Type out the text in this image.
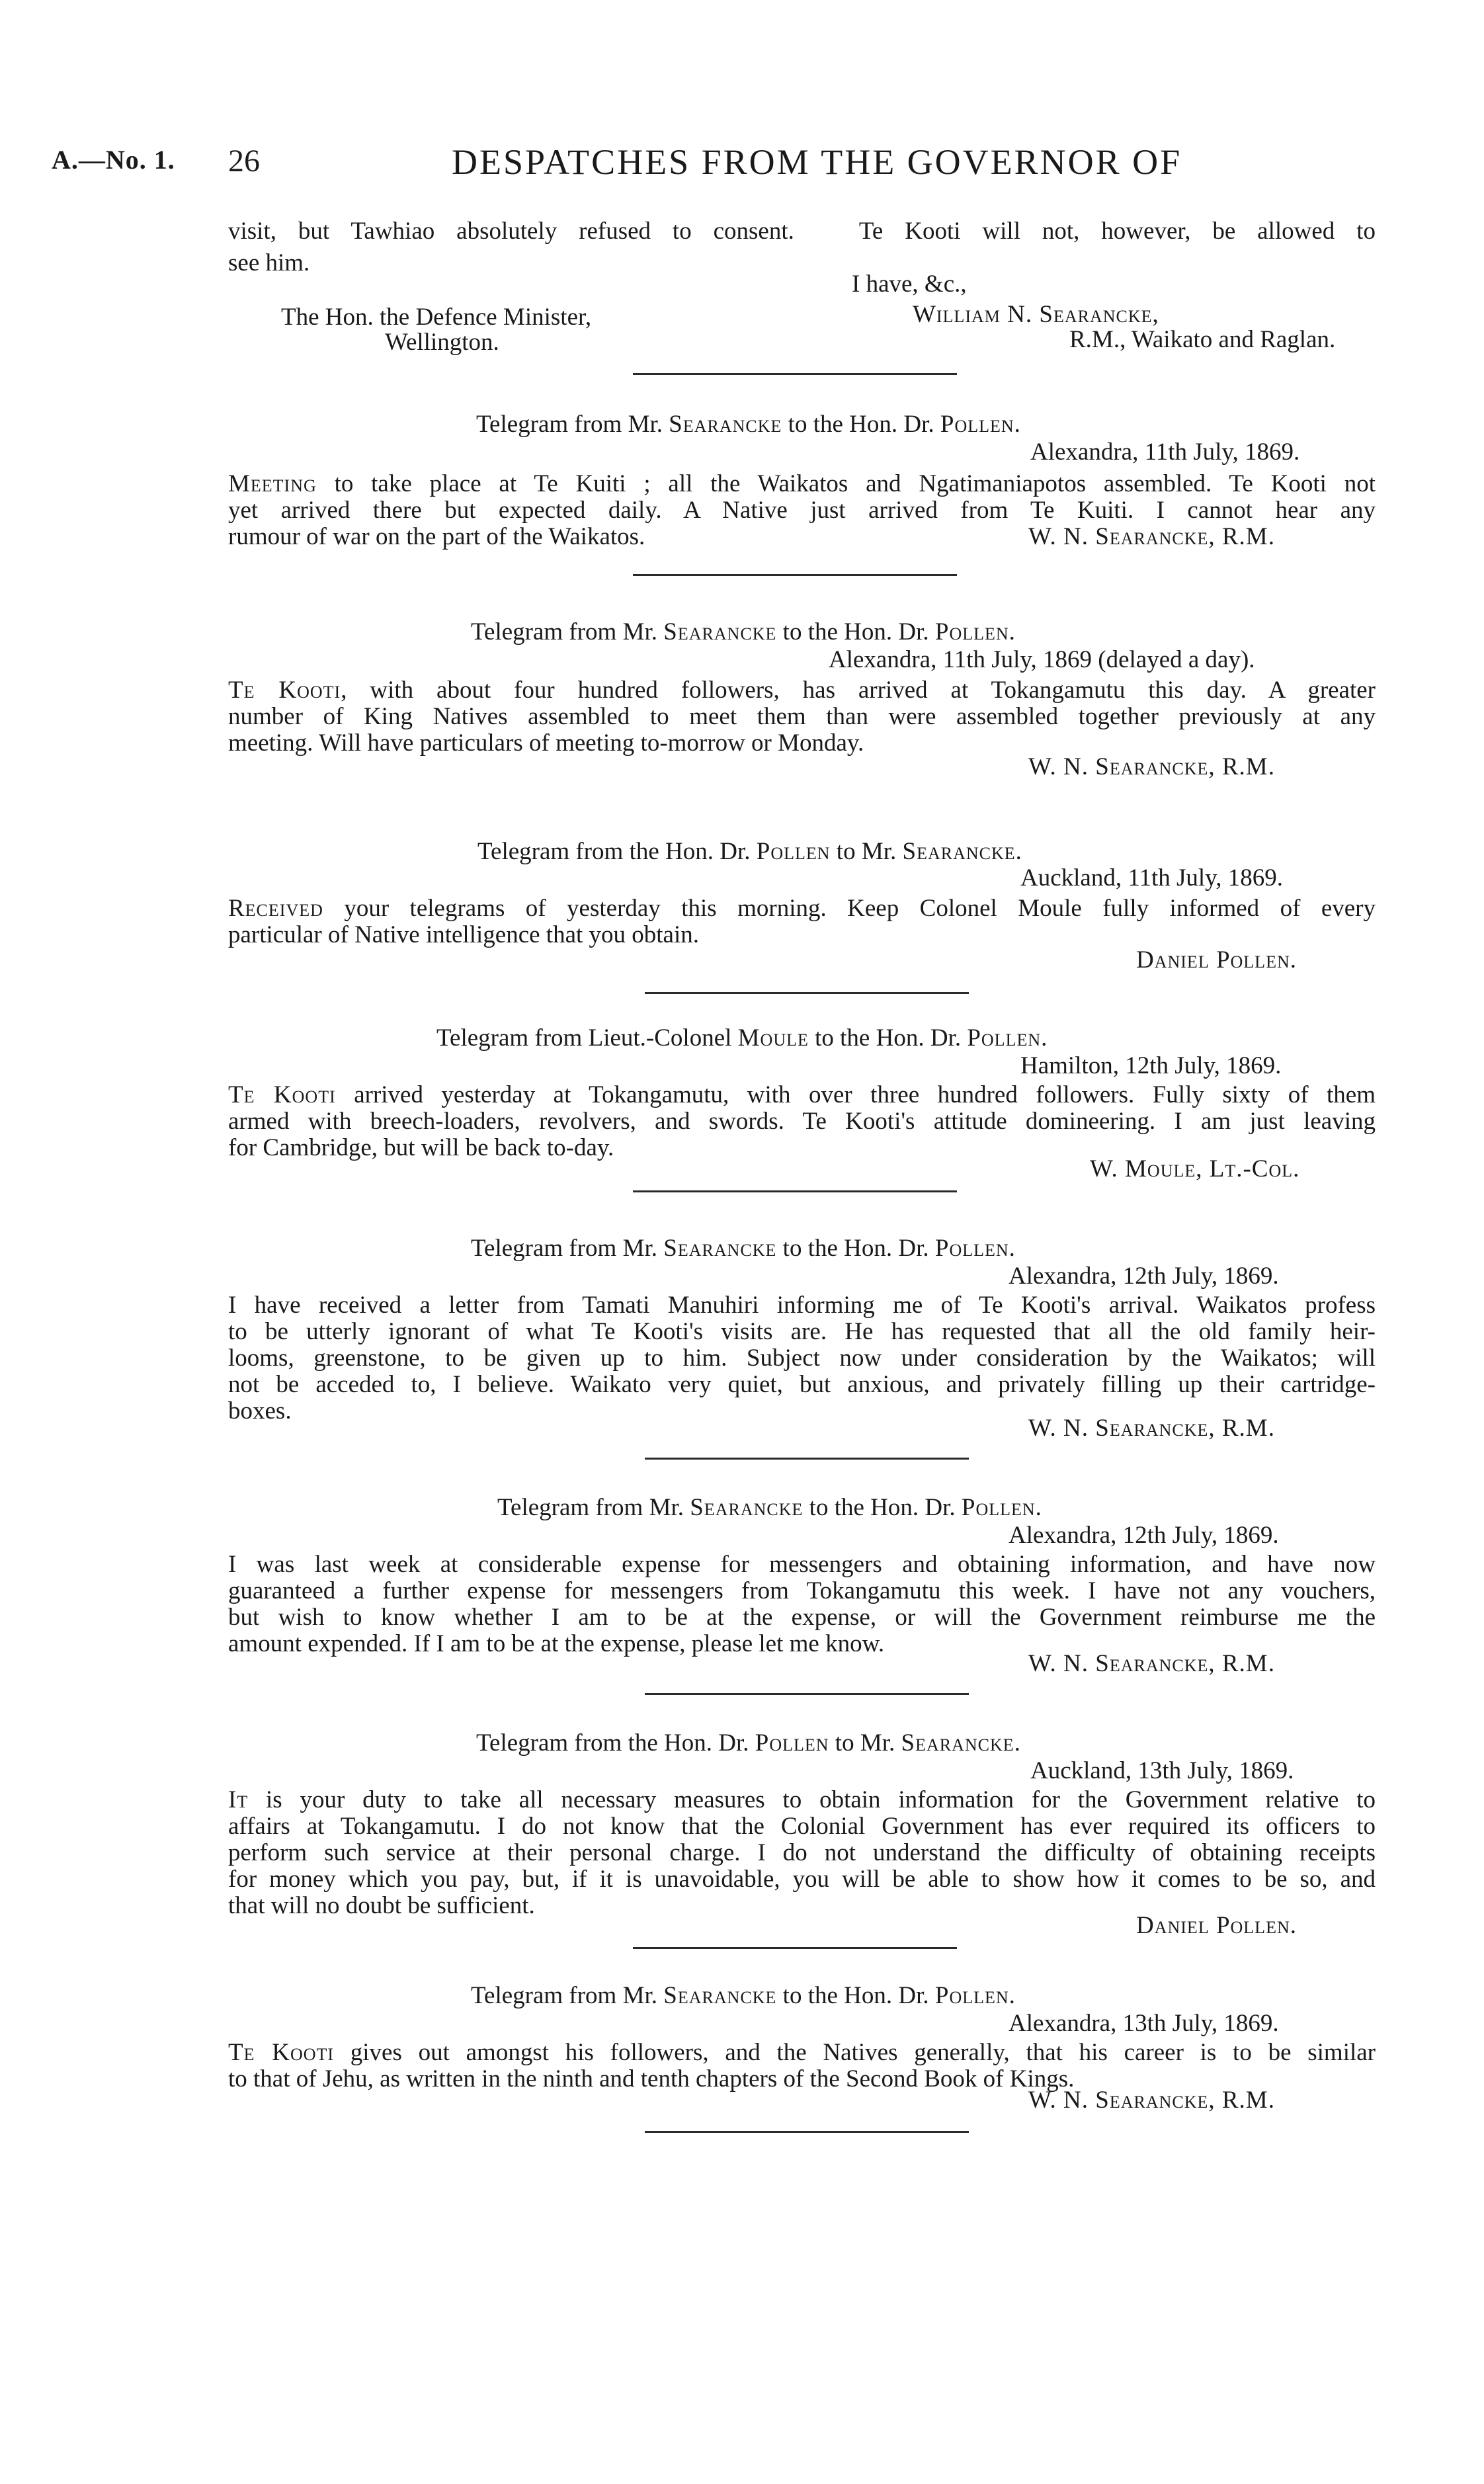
A.—No. 1. 26	DESPATCHES FROM THE GOVERNOR OF
visit, but Tawhiao absolutely refused to consent.	Te Kooti will not, however, be allowed to
see him.
I have, &c.,
The Hon. the Defence Minister,
Wellington.
William N. Searancke,
R.M., Waikato and Raglan.
Telegram from Mr. Searancke to the Hon. Dr. Pollen.
Alexandra, 11th July, 1869.
Meeting to take place at Te Kuiti ; all the Waikatos and Ngatimaniapotos assembled. Te Kooti not
yet arrived there but expected daily. A Native just arrived from Te Kuiti. I cannot hear any
rumour of war on the part of the Waikatos.	W. N. Searancke, R.M.
Telegram from Mr. Searancke to the Hon. Dr. Pollen.
Alexandra, 11th July, 1869 (delayed a day).
Te Kooti, with about four hundred followers, has arrived at Tokangamutu this day. A greater
number of King Natives assembled to meet them than were assembled together previously at any
meeting. Will have particulars of meeting to-morrow or Monday.
W. N. Searancke, R.M.
Telegram from the Hon. Dr. Pollen to Mr. Searancke.
Auckland, 11th July, 1869.
Received your telegrams of yesterday this morning. Keep Colonel Moule fully informed of every
particular of Native intelligence that you obtain.
Daniel Pollen.
Telegram from Lieut.-Colonel Moule to the Hon. Dr. Pollen.
Hamilton, 12th July, 1869.
Te Kooti arrived yesterday at Tokangamutu, with over three hundred followers. Fully sixty of them
armed with breech-loaders, revolvers, and swords. Te Kooti's attitude domineering. I am just leaving
for Cambridge, but will be back to-day.
W. Moule, Lt.-Col.
Telegram from Mr. Searancke to the Hon. Dr. Pollen.
Alexandra, 12th July, 1869.
I have received a letter from Tamati Manuhiri informing me of Te Kooti's arrival. Waikatos profess
to be utterly ignorant of what Te Kooti's visits are. He has requested that all the old family heir-
looms, greenstone, to be given up to him. Subject now under consideration by the Waikatos; will
not be acceded to, I believe. Waikato very quiet, but anxious, and privately filling up their cartridge-
boxes.
W. N. Searancke, R.M.
Telegram from Mr. Searancke to the Hon. Dr. Pollen.
Alexandra, 12th July, 1869.
I was last week at considerable expense for messengers and obtaining information, and have now
guaranteed a further expense for messengers from Tokangamutu this week. I have not any vouchers,
but wish to know whether I am to be at the expense, or will the Government reimburse me the
amount expended. If I am to be at the expense, please let me know.
W. N. Searancke, R.M.
Telegram from the Hon. Dr. Pollen to Mr. Searancke.
Auckland, 13th July, 1869.
It is your duty to take all necessary measures to obtain information for the Government relative to
affairs at Tokangamutu. I do not know that the Colonial Government has ever required its officers to
perform such service at their personal charge. I do not understand the difficulty of obtaining receipts
for money which you pay, but, if it is unavoidable, you will be able to show how it comes to be so, and
that will no doubt be sufficient.
Daniel Pollen.
Telegram from Mr. Searancke to the Hon. Dr. Pollen.
Alexandra, 13th July, 1869.
Te Kooti gives out amongst his followers, and the Natives generally, that his career is to be similar
to that of Jehu, as written in the ninth and tenth chapters of the Second Book of Kings.
W. N. Searancke, R.M.
